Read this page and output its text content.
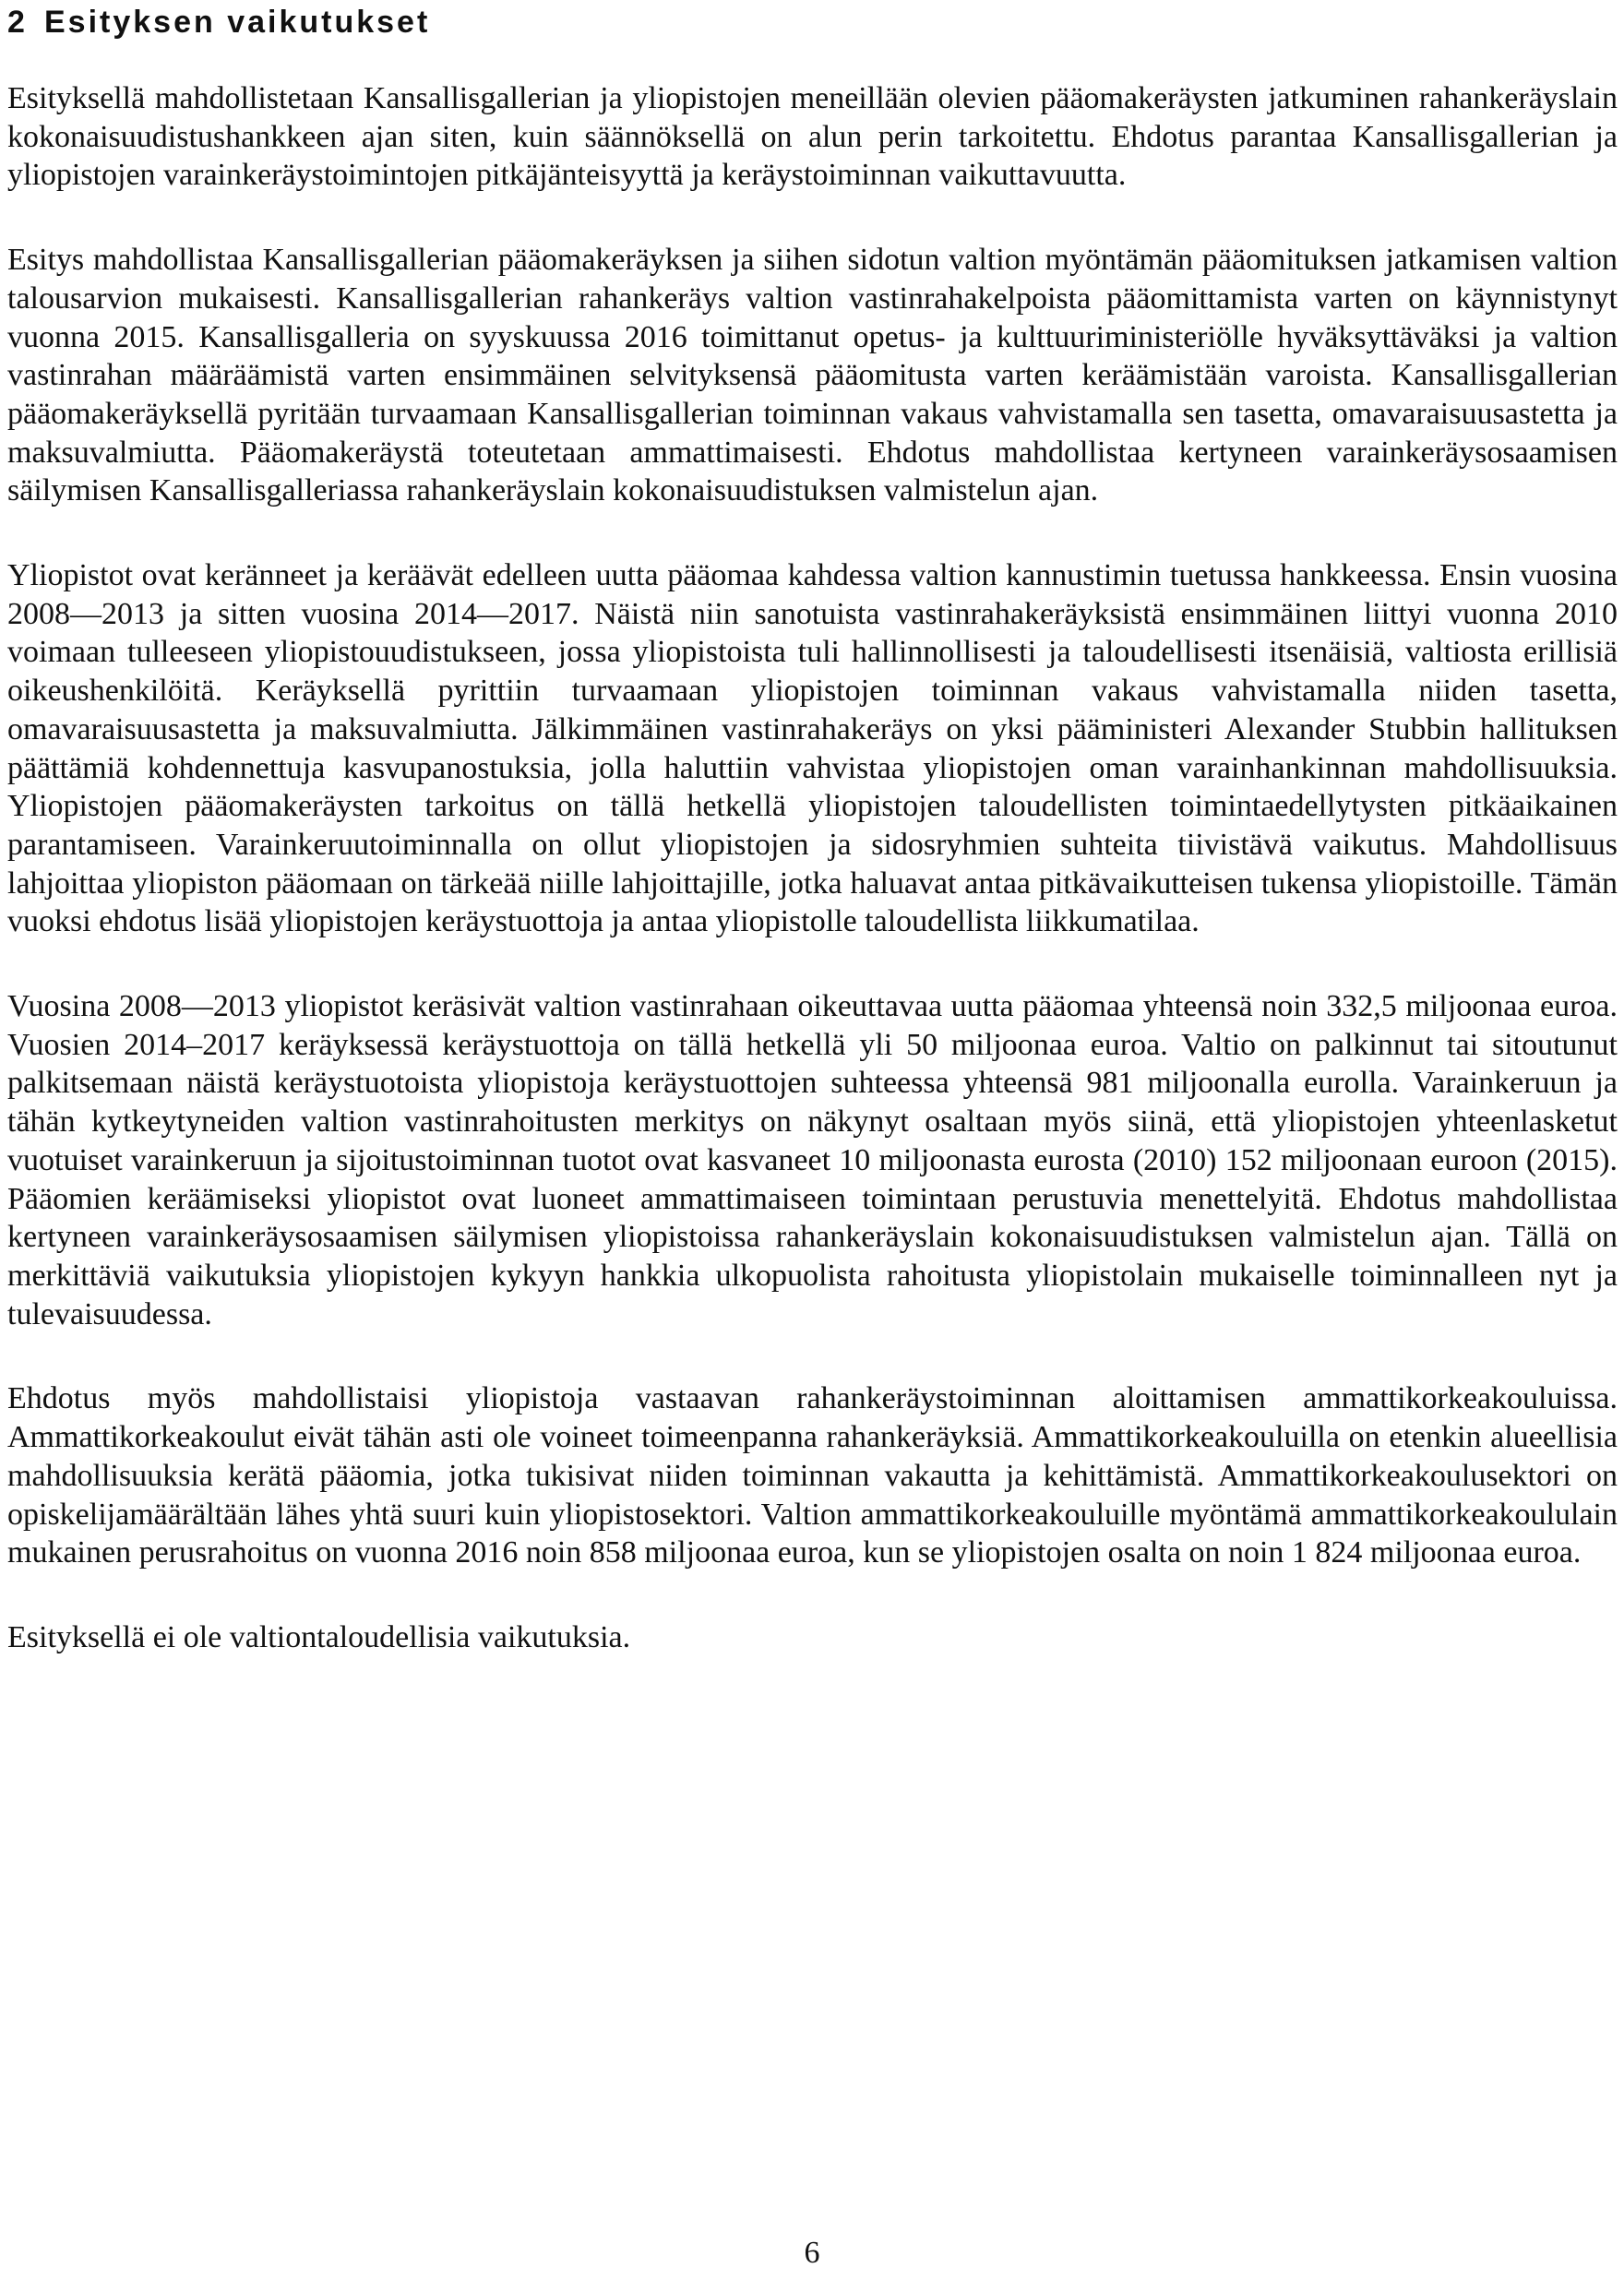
2 Esityksen vaikutukset

Esityksellä mahdollistetaan Kansallisgallerian ja yliopistojen meneillään olevien pääomakeräysten jatkuminen rahankeräyslain kokonaisuudistushankkeen ajan siten, kuin säännöksellä on alun perin tarkoitettu. Ehdotus parantaa Kansallisgallerian ja yliopistojen varainkeräystoimintojen pitkäjänteisyyttä ja keräystoiminnan vaikuttavuutta.

Esitys mahdollistaa Kansallisgallerian pääomakeräyksen ja siihen sidotun valtion myöntämän pääomituksen jatkamisen valtion talousarvion mukaisesti. Kansallisgallerian rahankeräys valtion vastinrahakelpoista pääomittamista varten on käynnistynyt vuonna 2015. Kansallisgalleria on syyskuussa 2016 toimittanut opetus- ja kulttuuriministeriölle hyväksyttäväksi ja valtion vastinrahan määräämistä varten ensimmäinen selvityksensä pääomitusta varten keräämistään varoista. Kansallisgallerian pääomakeräyksellä pyritään turvaamaan Kansallisgallerian toiminnan vakaus vahvistamalla sen tasetta, omavaraisuusastetta ja maksuvalmiutta. Pääomakeräystä toteutetaan ammattimaisesti. Ehdotus mahdollistaa kertyneen varainkeräysosaamisen säilymisen Kansallisgalleriassa rahankeräyslain kokonaisuudistuksen valmistelun ajan.

Yliopistot ovat keränneet ja keräävät edelleen uutta pääomaa kahdessa valtion kannustimin tuetussa hankkeessa. Ensin vuosina 2008—2013 ja sitten vuosina 2014—2017. Näistä niin sanotuista vastinrahakeräyksistä ensimmäinen liittyi vuonna 2010 voimaan tulleeseen yliopistouudistukseen, jossa yliopistoista tuli hallinnollisesti ja taloudellisesti itsenäisiä, valtiosta erillisiä oikeushenkilöitä. Keräyksellä pyrittiin turvaamaan yliopistojen toiminnan vakaus vahvistamalla niiden tasetta, omavaraisuusastetta ja maksuvalmiutta. Jälkimmäinen vastinrahakeräys on yksi pääministeri Alexander Stubbin hallituksen päättämiä kohdennettuja kasvupanostuksia, jolla haluttiin vahvistaa yliopistojen oman varainhankinnan mahdollisuuksia. Yliopistojen pääomakeräysten tarkoitus on tällä hetkellä yliopistojen taloudellisten toimintaedellytysten pitkäaikainen parantamiseen. Varainkeruutoiminnalla on ollut yliopistojen ja sidosryhmien suhteita tiivistävä vaikutus. Mahdollisuus lahjoittaa yliopiston pääomaan on tärkeää niille lahjoittajille, jotka haluavat antaa pitkävaikutteisen tukensa yliopistoille. Tämän vuoksi ehdotus lisää yliopistojen keräystuottoja ja antaa yliopistolle taloudellista liikkumatilaa.

Vuosina 2008—2013 yliopistot keräsivät valtion vastinrahaan oikeuttavaa uutta pääomaa yhteensä noin 332,5 miljoonaa euroa. Vuosien 2014–2017 keräyksessä keräystuottoja on tällä hetkellä yli 50 miljoonaa euroa. Valtio on palkinnut tai sitoutunut palkitsemaan näistä keräystuotoista yliopistoja keräystuottojen suhteessa yhteensä 981 miljoonalla eurolla. Varainkeruun ja tähän kytkeytyneiden valtion vastinrahoitusten merkitys on näkynyt osaltaan myös siinä, että yliopistojen yhteenlasketut vuotuiset varainkeruun ja sijoitustoiminnan tuotot ovat kasvaneet 10 miljoonasta eurosta (2010) 152 miljoonaan euroon (2015). Pääomien keräämiseksi yliopistot ovat luoneet ammattimaiseen toimintaan perustuvia menettelyitä. Ehdotus mahdollistaa kertyneen varainkeräysosaamisen säilymisen yliopistoissa rahankeräyslain kokonaisuudistuksen valmistelun ajan. Tällä on merkittäviä vaikutuksia yliopistojen kykyyn hankkia ulkopuolista rahoitusta yliopistolain mukaiselle toiminnalleen nyt ja tulevaisuudessa.

Ehdotus myös mahdollistaisi yliopistoja vastaavan rahankeräystoiminnan aloittamisen ammattikorkeakouluissa. Ammattikorkeakoulut eivät tähän asti ole voineet toimeenpanna rahankeräyksiä. Ammattikorkeakouluilla on etenkin alueellisia mahdollisuuksia kerätä pääomia, jotka tukisivat niiden toiminnan vakautta ja kehittämistä. Ammattikorkeakoulusektori on opiskelijamäärältään lähes yhtä suuri kuin yliopistosektori. Valtion ammattikorkeakouluille myöntämä ammattikorkeakoululain mukainen perusrahoitus on vuonna 2016 noin 858 miljoonaa euroa, kun se yliopistojen osalta on noin 1 824 miljoonaa euroa.

Esityksellä ei ole valtiontaloudellisia vaikutuksia.

6
